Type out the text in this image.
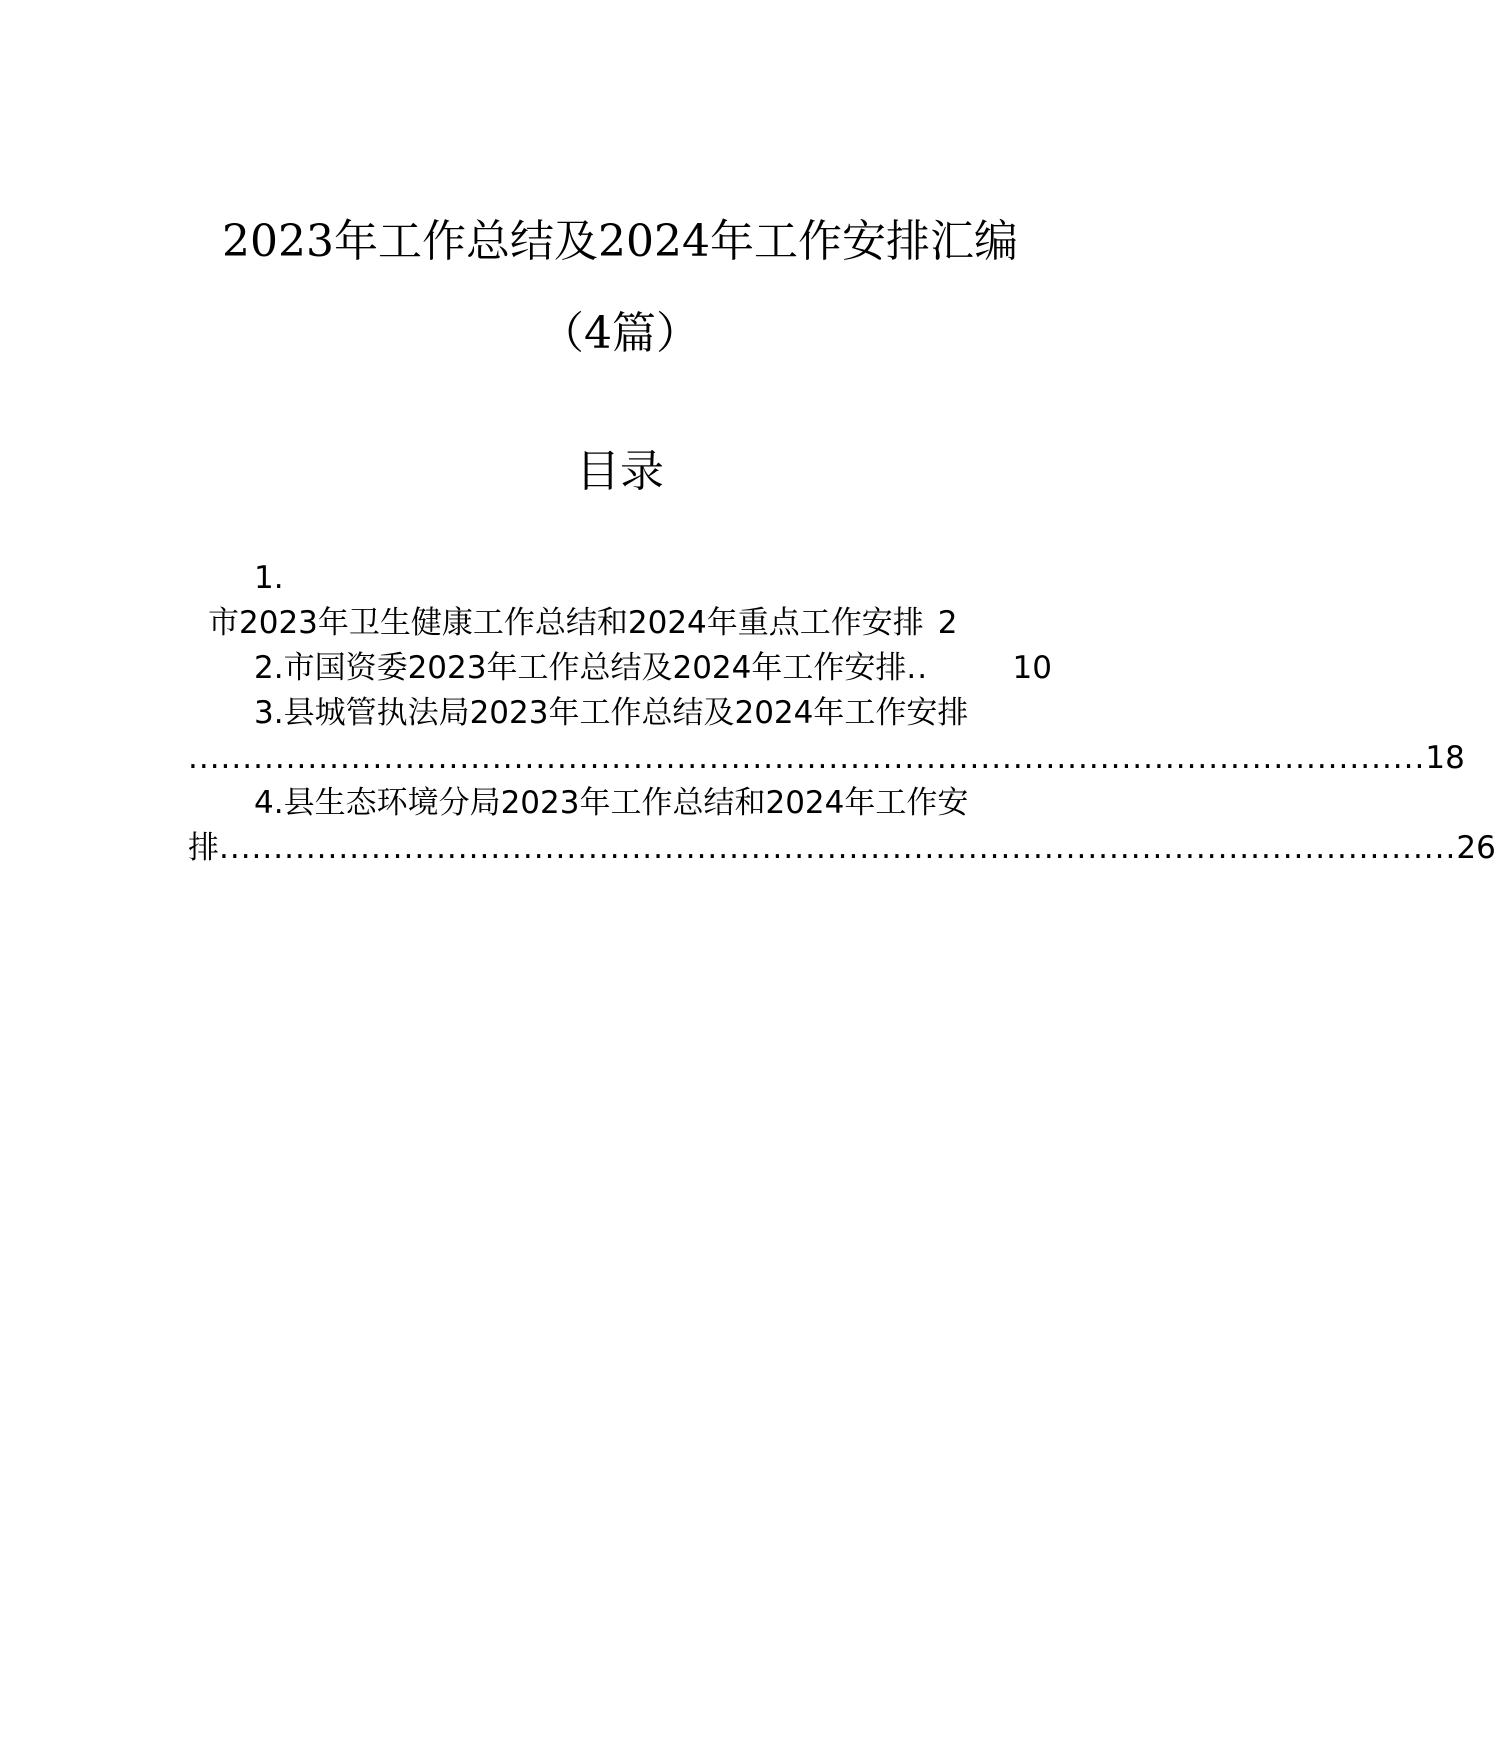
2023年工作总结及2024年工作安排汇编
（4篇）
目录
1.
市2023年卫生健康工作总结和2024年重点工作安排 2
2.市国资委2023年工作总结及2024年工作安排 ..	10
3.县城管执法局2023年工作总结及2024年工作安排
.................................................................................................................. 18
4.县生态环境分局2023年工作总结和2024年工作安
排 .................................................................................................................. 26
